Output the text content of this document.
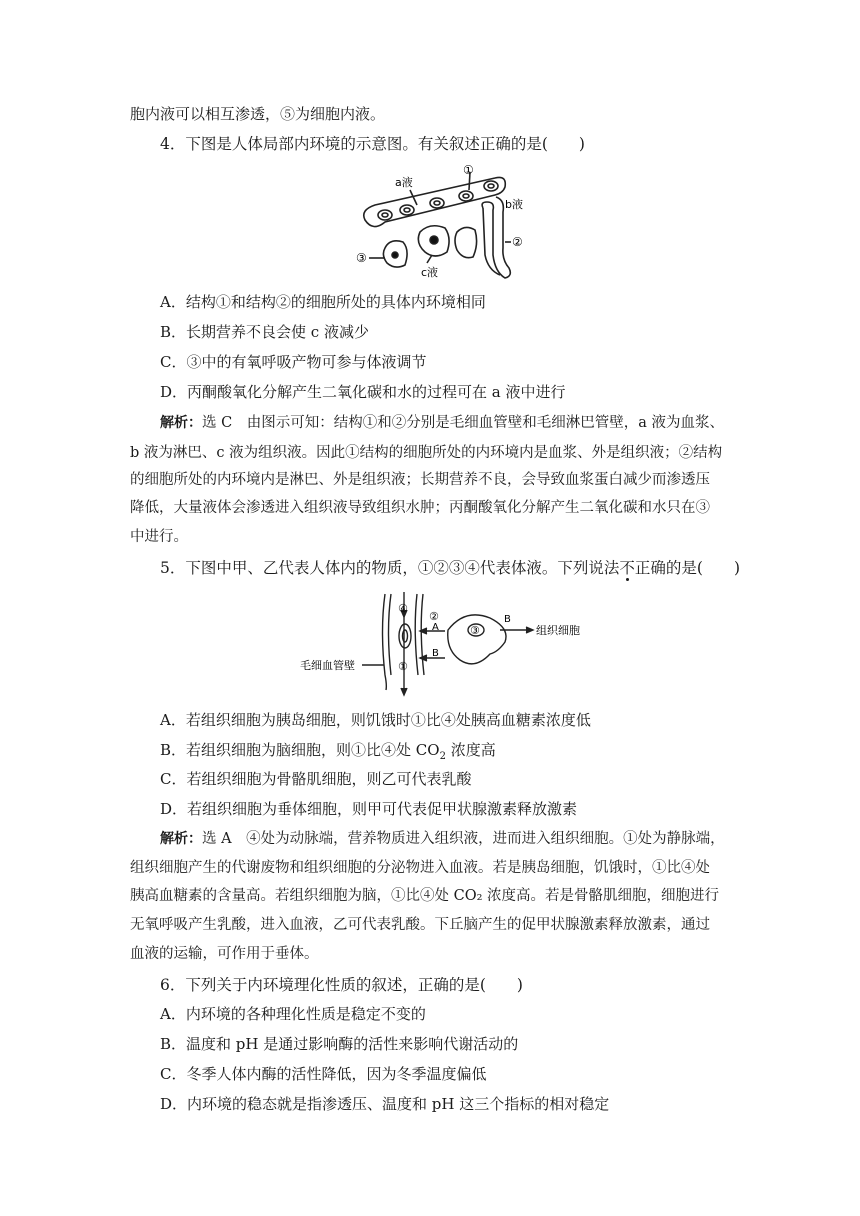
胞内液可以相互渗透，⑤为细胞内液。
4．下图是人体局部内环境的示意图。有关叙述正确的是(　　)
a液
①
b液
②
③
c液
A．结构①和结构②的细胞所处的具体内环境相同
B．长期营养不良会使 c 液减少
C．③中的有氧呼吸产物可参与体液调节
D．丙酮酸氧化分解产生二氧化碳和水的过程可在 a 液中进行
解析：选 C　由图示可知：结构①和②分别是毛细血管壁和毛细淋巴管壁，a 液为血浆、
b 液为淋巴、c 液为组织液。因此①结构的细胞所处的内环境内是血浆、外是组织液；②结构
的细胞所处的内环境内是淋巴、外是组织液；长期营养不良，会导致血浆蛋白减少而渗透压
降低，大量液体会渗透进入组织液导致组织水肿；丙酮酸氧化分解产生二氧化碳和水只在③
中进行。
5．下图中甲、乙代表人体内的物质，①②③④代表体液。下列说法不正确的是(　　)
④
②
A
B
①
③
B
组织细胞
毛细血管壁
A．若组织细胞为胰岛细胞，则饥饿时①比④处胰高血糖素浓度低
B．若组织细胞为脑细胞，则①比④处 $CO_2$ 浓度高
C．若组织细胞为骨骼肌细胞，则乙可代表乳酸
D．若组织细胞为垂体细胞，则甲可代表促甲状腺激素释放激素
解析：选 A　④处为动脉端，营养物质进入组织液，进而进入组织细胞。①处为静脉端，
组织细胞产生的代谢废物和组织细胞的分泌物进入血液。若是胰岛细胞，饥饿时，①比④处
胰高血糖素的含量高。若组织细胞为脑，①比④处 CO₂ 浓度高。若是骨骼肌细胞，细胞进行
无氧呼吸产生乳酸，进入血液，乙可代表乳酸。下丘脑产生的促甲状腺激素释放激素，通过
血液的运输，可作用于垂体。
6．下列关于内环境理化性质的叙述，正确的是(　　)
A．内环境的各种理化性质是稳定不变的
B．温度和 pH 是通过影响酶的活性来影响代谢活动的
C．冬季人体内酶的活性降低，因为冬季温度偏低
D．内环境的稳态就是指渗透压、温度和 pH 这三个指标的相对稳定
